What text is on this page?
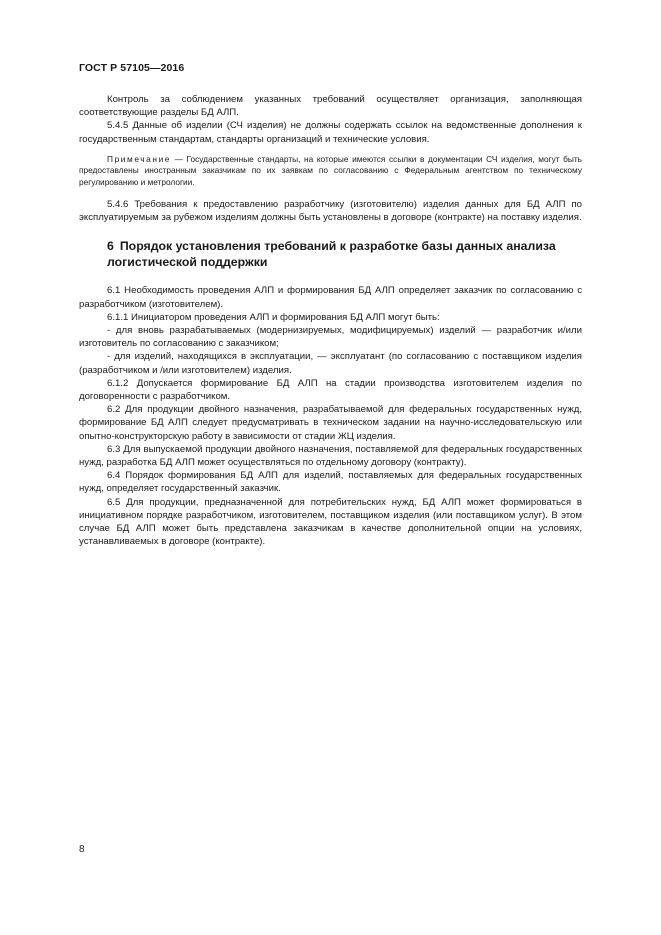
ГОСТ Р 57105—2016

Контроль за соблюдением указанных требований осуществляет организация, заполняющая соответствующие разделы БД АЛП.

5.4.5 Данные об изделии (СЧ изделия) не должны содержать ссылок на ведомственные дополнения к государственным стандартам, стандарты организаций и технические условия.

Примечание — Государственные стандарты, на которые имеются ссылки в документации СЧ изделия, могут быть предоставлены иностранным заказчикам по их заявкам по согласованию с Федеральным агентством по техническому регулированию и метрологии.

5.4.6 Требования к предоставлению разработчику (изготовителю) изделия данных для БД АЛП по эксплуатируемым за рубежом изделиям должны быть установлены в договоре (контракте) на поставку изделия.

6 Порядок установления требований к разработке базы данных анализа логистической поддержки

6.1 Необходимость проведения АЛП и формирования БД АЛП определяет заказчик по согласованию с разработчиком (изготовителем).

6.1.1 Инициатором проведения АЛП и формирования БД АЛП могут быть:

- для вновь разрабатываемых (модернизируемых, модифицируемых) изделий — разработчик и/или изготовитель по согласованию с заказчиком;

- для изделий, находящихся в эксплуатации, — эксплуатант (по согласованию с поставщиком изделия (разработчиком и /или изготовителем) изделия.

6.1.2 Допускается формирование БД АЛП на стадии производства изготовителем изделия по договоренности с разработчиком.

6.2 Для продукции двойного назначения, разрабатываемой для федеральных государственных нужд, формирование БД АЛП следует предусматривать в техническом задании на научно-исследовательскую или опытно-конструкторскую работу в зависимости от стадии ЖЦ изделия.

6.3 Для выпускаемой продукции двойного назначения, поставляемой для федеральных государственных нужд, разработка БД АЛП может осуществляться по отдельному договору (контракту).

6.4 Порядок формирования БД АЛП для изделий, поставляемых для федеральных государственных нужд, определяет государственный заказчик.

6.5 Для продукции, предназначенной для потребительских нужд, БД АЛП может формироваться в инициативном порядке разработчиком, изготовителем, поставщиком изделия (или поставщиком услуг). В этом случае БД АЛП может быть представлена заказчикам в качестве дополнительной опции на условиях, устанавливаемых в договоре (контракте).

8
